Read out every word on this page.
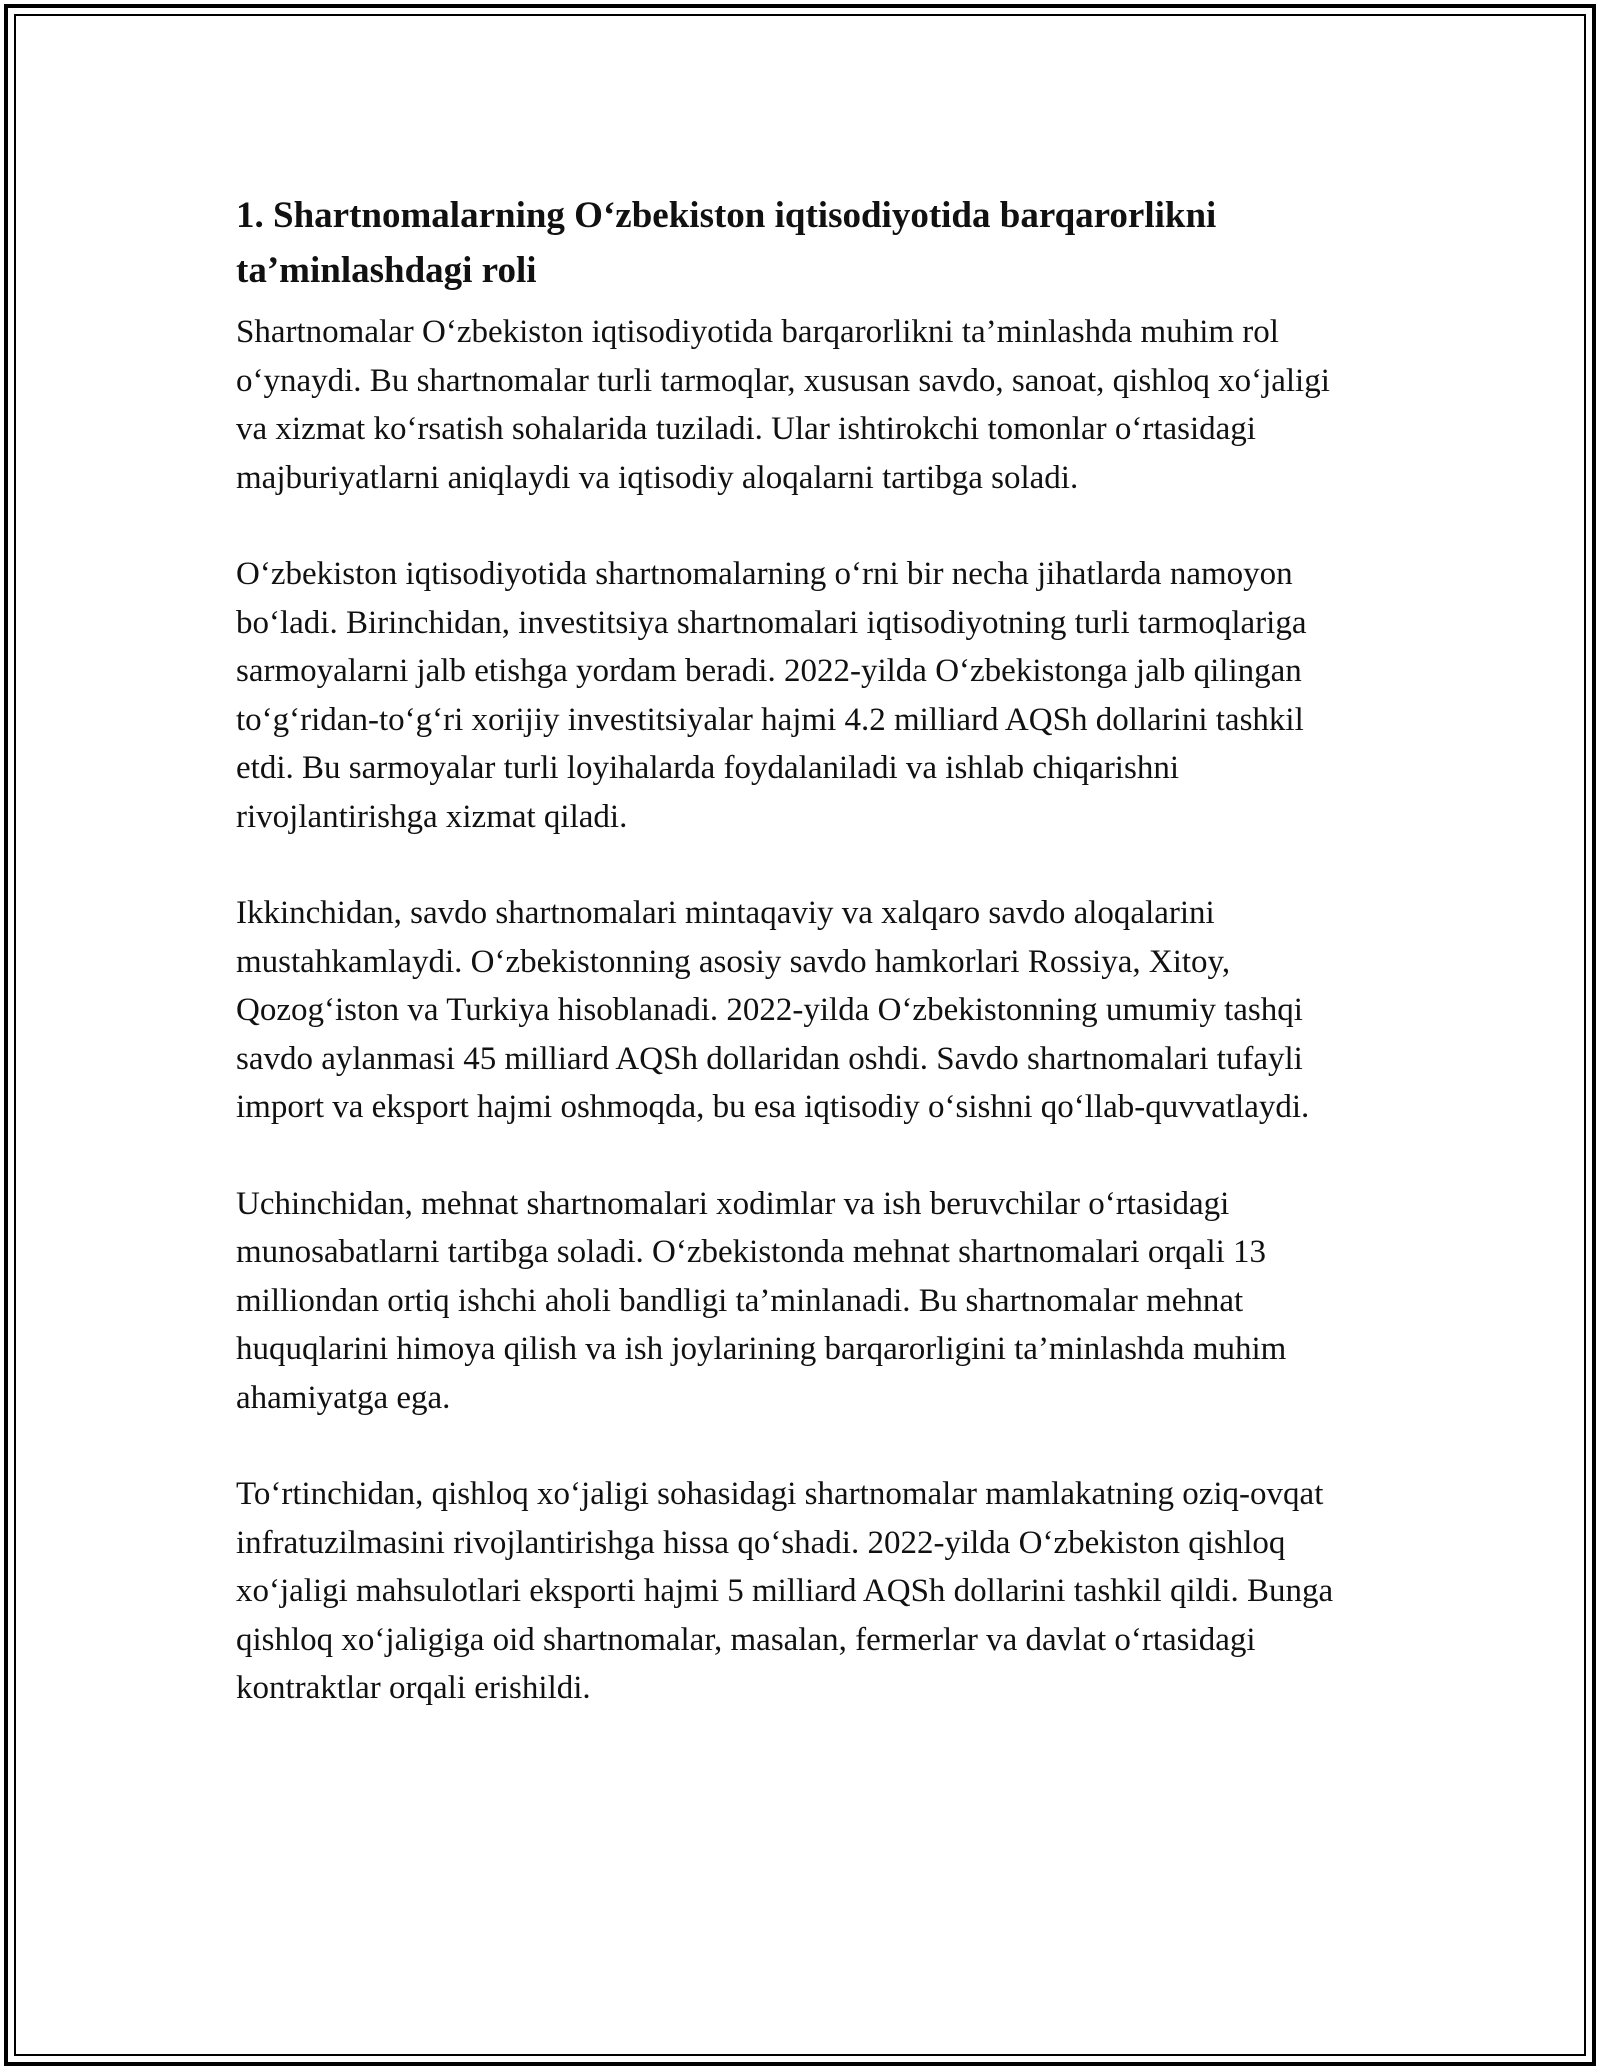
1. Shartnomalarning O‘zbekiston iqtisodiyotida barqarorlikni ta’minlashdagi roli

Shartnomalar O‘zbekiston iqtisodiyotida barqarorlikni ta’minlashda muhim rol o‘ynaydi. Bu shartnomalar turli tarmoqlar, xususan savdo, sanoat, qishloq xo‘jaligi va xizmat ko‘rsatish sohalarida tuziladi. Ular ishtirokchi tomonlar o‘rtasidagi majburiyatlarni aniqlaydi va iqtisodiy aloqalarni tartibga soladi.

O‘zbekiston iqtisodiyotida shartnomalarning o‘rni bir necha jihatlarda namoyon bo‘ladi. Birinchidan, investitsiya shartnomalari iqtisodiyotning turli tarmoqlariga sarmoyalarni jalb etishga yordam beradi. 2022-yilda O‘zbekistonga jalb qilingan to‘g‘ridan-to‘g‘ri xorijiy investitsiyalar hajmi 4.2 milliard AQSh dollarini tashkil etdi. Bu sarmoyalar turli loyihalarda foydalaniladi va ishlab chiqarishni rivojlantirishga xizmat qiladi.

Ikkinchidan, savdo shartnomalari mintaqaviy va xalqaro savdo aloqalarini mustahkamlaydi. O‘zbekistonning asosiy savdo hamkorlari Rossiya, Xitoy, Qozog‘iston va Turkiya hisoblanadi. 2022-yilda O‘zbekistonning umumiy tashqi savdo aylanmasi 45 milliard AQSh dollaridan oshdi. Savdo shartnomalari tufayli import va eksport hajmi oshmoqda, bu esa iqtisodiy o‘sishni qo‘llab-quvvatlaydi.

Uchinchidan, mehnat shartnomalari xodimlar va ish beruvchilar o‘rtasidagi munosabatlarni tartibga soladi. O‘zbekistonda mehnat shartnomalari orqali 13 milliondan ortiq ishchi aholi bandligi ta’minlanadi. Bu shartnomalar mehnat huquqlarini himoya qilish va ish joylarining barqarorligini ta’minlashda muhim ahamiyatga ega.

To‘rtinchidan, qishloq xo‘jaligi sohasidagi shartnomalar mamlakatning oziq-ovqat infratuzilmasini rivojlantirishga hissa qo‘shadi. 2022-yilda O‘zbekiston qishloq xo‘jaligi mahsulotlari eksporti hajmi 5 milliard AQSh dollarini tashkil qildi. Bunga qishloq xo‘jaligiga oid shartnomalar, masalan, fermerlar va davlat o‘rtasidagi kontraktlar orqali erishildi.
